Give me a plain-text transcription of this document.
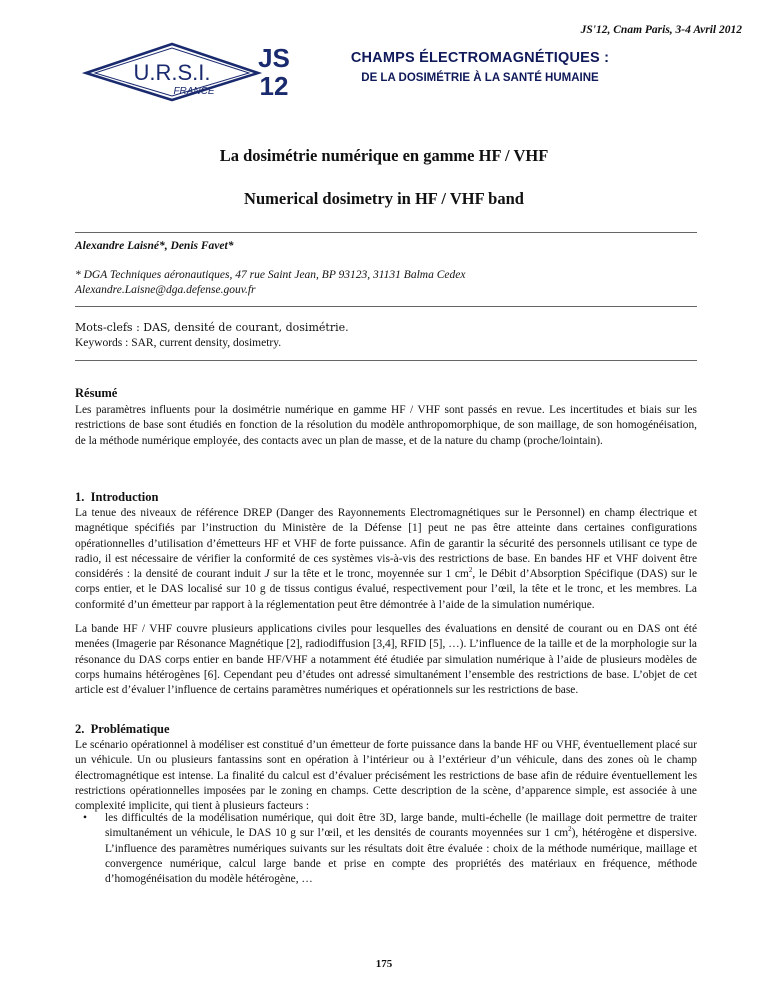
JS'12, Cnam Paris, 3-4 Avril 2012
U.R.S.I.
FRANCE
JS
12
CHAMPS ÉLECTROMAGNÉTIQUES :
DE LA DOSIMÉTRIE À LA SANTÉ HUMAINE
La dosimétrie numérique en gamme HF / VHF
Numerical dosimetry in HF / VHF band
Alexandre Laisné*, Denis Favet*
* DGA Techniques aéronautiques, 47 rue Saint Jean, BP 93123, 31131 Balma Cedex
Alexandre.Laisne@dga.defense.gouv.fr
Mots-clefs : DAS, densité de courant, dosimétrie.
Keywords : SAR, current density, dosimetry.
Résumé

Les paramètres influents pour la dosimétrie numérique en gamme HF / VHF sont passés en revue. Les incertitudes et biais sur les restrictions de base sont étudiés en fonction de la résolution du modèle anthropomorphique, de son maillage, de son homogénéisation, de la méthode numérique employée, des contacts avec un plan de masse, et de la nature du champ (proche/lointain).

1.  Introduction

La tenue des niveaux de référence DREP (Danger des Rayonnements Electromagnétiques sur le Personnel) en champ électrique et magnétique spécifiés par l’instruction du Ministère de la Défense [1] peut ne pas être atteinte dans certaines configurations opérationnelles d’utilisation d’émetteurs HF et VHF de forte puissance. Afin de garantir la sécurité des personnels utilisant ce type de radio, il est nécessaire de vérifier la conformité de ces systèmes vis-à-vis des restrictions de base. En bandes HF et VHF doivent être considérés : la densité de courant induit J sur la tête et le tronc, moyennée sur 1 $cm^2$, le Débit d’Absorption Spécifique (DAS) sur le corps entier, et le DAS localisé sur 10 g de tissus contigus évalué, respectivement pour l’œil, la tête et le tronc, et les membres. La conformité d’un émetteur par rapport à la réglementation peut être démontrée à l’aide de la simulation numérique.

La bande HF / VHF couvre plusieurs applications civiles pour lesquelles des évaluations en densité de courant ou en DAS ont été menées (Imagerie par Résonance Magnétique [2], radiodiffusion [3,4], RFID [5], …). L’influence de la taille et de la morphologie sur la résonance du DAS corps entier en bande HF/VHF a notamment été étudiée par simulation numérique à l’aide de plusieurs modèles de corps humains hétérogènes [6]. Cependant peu d’études ont adressé simultanément l’ensemble des restrictions de base. L’objet de cet article est d’évaluer l’influence de certains paramètres numériques et opérationnels sur les restrictions de base.

2.  Problématique

Le scénario opérationnel à modéliser est constitué d’un émetteur de forte puissance dans la bande HF ou VHF, éventuellement placé sur un véhicule. Un ou plusieurs fantassins sont en opération à l’intérieur ou à l’extérieur d’un véhicule, dans des zones où le champ électromagnétique est intense. La finalité du calcul est d’évaluer précisément les restrictions de base afin de réduire éventuellement les restrictions opérationnelles imposées par le zoning en champs. Cette description de la scène, d’apparence simple, est associée à une complexité implicite, qui tient à plusieurs facteurs :

• les difficultés de la modélisation numérique, qui doit être 3D, large bande, multi-échelle (le maillage doit permettre de traiter simultanément un véhicule, le DAS 10 g sur l’œil, et les densités de courants moyennées sur 1 $cm^2$), hétérogène et dispersive. L’influence des paramètres numériques suivants sur les résultats doit être évaluée : choix de la méthode numérique, maillage et convergence numérique, calcul large bande et prise en compte des propriétés des matériaux en fréquence, méthode d’homogénéisation du modèle hétérogène, …
175
